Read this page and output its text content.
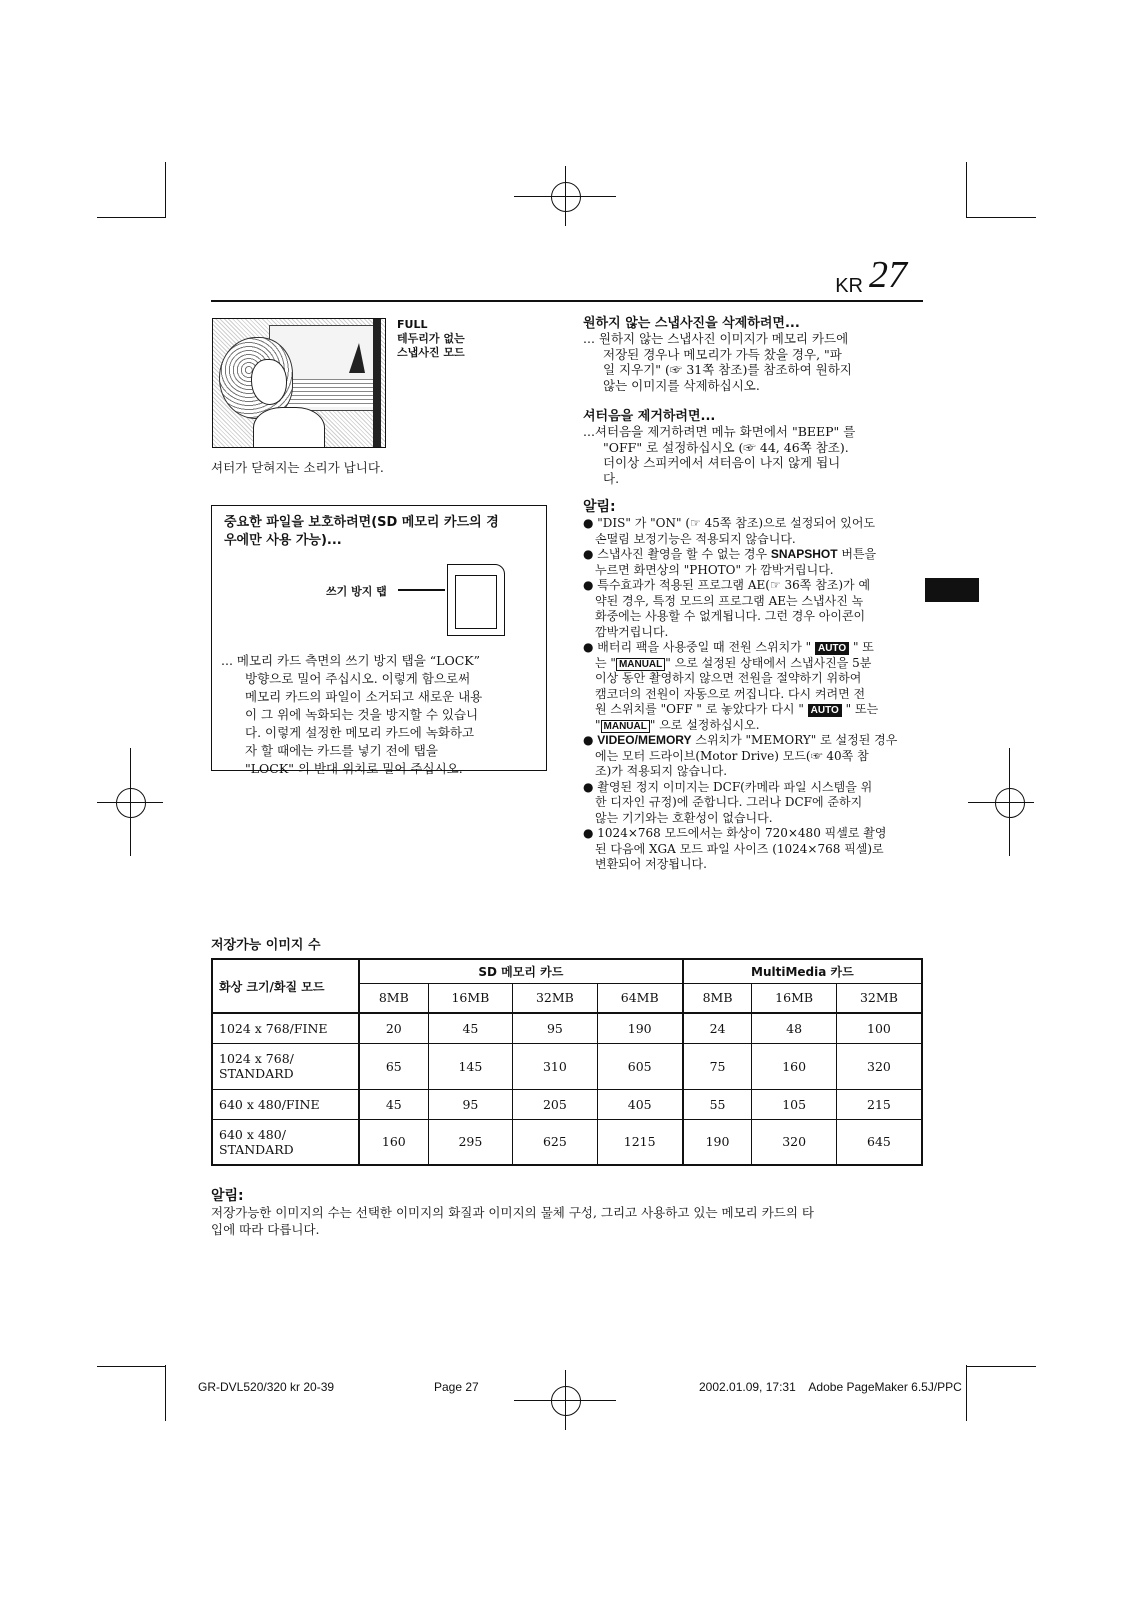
KR 27
FULL
테두리가 없는
스냅사진 모드
셔터가 닫혀지는 소리가 납니다.
중요한 파일을 보호하려면(SD 메모리 카드의 경
우에만 사용 가능)...
쓰기 방지 탭
... 메모리 카드 측면의 쓰기 방지 탭을 “LOCK”
방향으로 밀어 주십시오. 이렇게 함으로써
메모리 카드의 파일이 소거되고 새로운 내용
이 그 위에 녹화되는 것을 방지할 수 있습니
다. 이렇게 설정한 메모리 카드에 녹화하고
자 할 때에는 카드를 넣기 전에 탭을
"LOCK" 의 반대 위치로 밀어 주십시오.
원하지 않는 스냅사진을 삭제하려면...
... 원하지 않는 스냅사진 이미지가 메모리 카드에
저장된 경우나 메모리가 가득 찼을 경우, "파
일 지우기" (☞ 31쪽 참조)를 참조하여 원하지
않는 이미지를 삭제하십시오.
셔터음을 제거하려면...
...셔터음을 제거하려면 메뉴 화면에서 "BEEP" 를
"OFF" 로 설정하십시오 (☞ 44, 46쪽 참조).
더이상 스피커에서 셔터음이 나지 않게 됩니
다.
알림:
● "DIS" 가 "ON" (☞ 45쪽 참조)으로 설정되어 있어도
손떨림 보정기능은 적용되지 않습니다.
● 스냅사진 촬영을 할 수 없는 경우 SNAPSHOT 버튼을
누르면 화면상의 "PHOTO" 가 깜박거립니다.
● 특수효과가 적용된 프로그램 AE(☞ 36쪽 참조)가 예
약된 경우, 특정 모드의 프로그램 AE는 스냅사진 녹
화중에는 사용할 수 없게됩니다. 그런 경우 아이콘이
깜박거립니다.
● 배터리 팩을 사용중일 때 전원 스위치가 " AUTO " 또
는 " MANUAL " 으로 설정된 상태에서 스냅사진을 5분
이상 동안 촬영하지 않으면 전원을 절약하기 위하여
캠코더의 전원이 자동으로 꺼집니다. 다시 켜려면 전
원 스위치를 "OFF " 로 놓았다가 다시 " AUTO " 또는
" MANUAL " 으로 설정하십시오.
● VIDEO/MEMORY 스위치가 "MEMORY" 로 설정된 경우
에는 모터 드라이브(Motor Drive) 모드(☞ 40쪽 참
조)가 적용되지 않습니다.
● 촬영된 정지 이미지는 DCF(카메라 파일 시스템을 위
한 디자인 규정)에 준합니다. 그러나 DCF에 준하지
않는 기기와는 호환성이 없습니다.
● 1024×768 모드에서는 화상이 720×480 픽셀로 촬영
된 다음에 XGA 모드 파일 사이즈 (1024×768 픽셀)로
변환되어 저장됩니다.
저장가능 이미지 수
화상 크기/화질 모드	SD 메모리 카드				MultiMedia 카드		
	8MB	16MB	32MB	64MB	8MB	16MB	32MB

1024 x 768/FINE	20	45	95	190	24	48	100

1024 x 768/
STANDARD	65	145	310	605	75	160	320

640 x 480/FINE	45	95	205	405	55	105	215

640 x 480/
STANDARD	160	295	625	1215	190	320	645
알림:
저장가능한 이미지의 수는 선택한 이미지의 화질과 이미지의 물체 구성, 그리고 사용하고 있는 메모리 카드의 타
입에 따라 다릅니다.
GR-DVL520/320 kr 20-39	Page 27	2002.01.09, 17:31    Adobe PageMaker 6.5J/PPC
